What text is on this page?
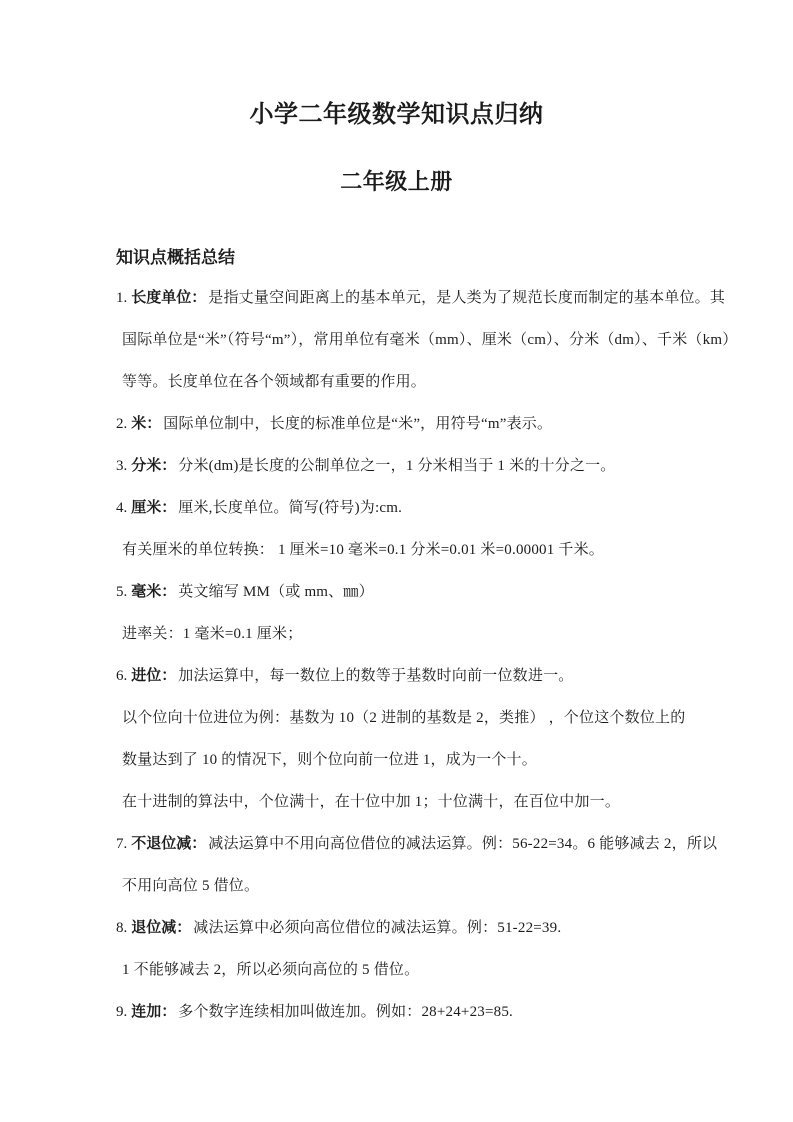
小学二年级数学知识点归纳
二年级上册
知识点概括总结
1. 长度单位： 是指丈量空间距离上的基本单元，是人类为了规范长度而制定的基本单位。其
国际单位是“米”（符号“m”），常用单位有毫米（mm）、厘米（cm）、分米（dm）、千米（km）
等等。长度单位在各个领域都有重要的作用。
2. 米： 国际单位制中，长度的标准单位是“米”，用符号“m”表示。
3. 分米： 分米(dm)是长度的公制单位之一，1 分米相当于 1 米的十分之一。
4. 厘米： 厘米,长度单位。简写(符号)为:cm.
有关厘米的单位转换： 1 厘米=10 毫米=0.1 分米=0.01 米=0.00001 千米。
5. 毫米： 英文缩写 MM（或 mm、㎜）
进率关：1 毫米=0.1 厘米；
6. 进位： 加法运算中，每一数位上的数等于基数时向前一位数进一。
以个位向十位进位为例：基数为 10（2 进制的基数是 2，类推） ，个位这个数位上的
数量达到了 10 的情况下，则个位向前一位进 1，成为一个十。
在十进制的算法中，个位满十，在十位中加 1；十位满十，在百位中加一。
7. 不退位减： 减法运算中不用向高位借位的减法运算。例：56-22=34。6 能够减去 2，所以
不用向高位 5 借位。
8. 退位减： 减法运算中必须向高位借位的减法运算。例：51-22=39.
1 不能够减去 2，所以必须向高位的 5 借位。
9. 连加： 多个数字连续相加叫做连加。例如：28+24+23=85.
